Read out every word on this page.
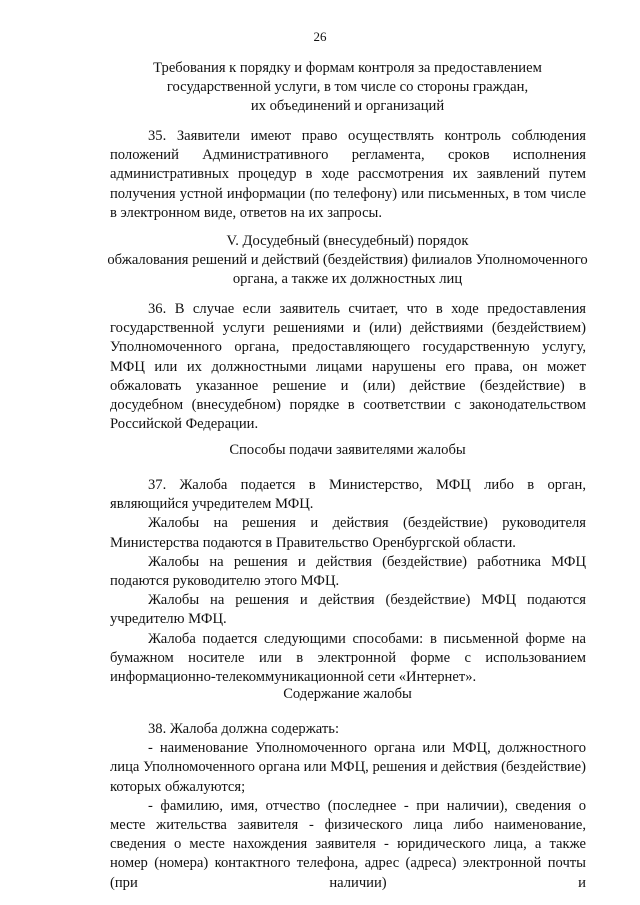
26
Требования к порядку и формам контроля за предоставлением
государственной услуги, в том числе со стороны граждан,
их объединений и организаций

35. Заявители имеют право осуществлять контроль соблюдения положений Административного регламента, сроков исполнения административных процедур в ходе рассмотрения их заявлений путем получения устной информации (по телефону) или письменных, в том числе в электронном виде, ответов на их запросы.

V. Досудебный (внесудебный) порядок
обжалования решений и действий (бездействия) филиалов Уполномоченного
органа, а также их должностных лиц

36. В случае если заявитель считает, что в ходе предоставления государственной услуги решениями и (или) действиями (бездействием) Уполномоченного органа, предоставляющего государственную услугу, МФЦ или их должностными лицами нарушены его права, он может обжаловать указанное решение и (или) действие (бездействие) в досудебном (внесудебном) порядке в соответствии с законодательством Российской Федерации.

Способы подачи заявителями жалобы

37. Жалоба подается в Министерство, МФЦ либо в орган, являющийся учредителем МФЦ.

Жалобы на решения и действия (бездействие) руководителя Министерства подаются в Правительство Оренбургской области.

Жалобы на решения и действия (бездействие) работника МФЦ подаются руководителю этого МФЦ.

Жалобы на решения и действия (бездействие) МФЦ подаются учредителю МФЦ.

Жалоба подается следующими способами: в письменной форме на бумажном носителе или в электронной форме с использованием информационно-телекоммуникационной сети «Интернет».

Содержание жалобы

38. Жалоба должна содержать:

- наименование Уполномоченного органа или МФЦ, должностного лица Уполномоченного органа или МФЦ, решения и действия (бездействие) которых обжалуются;

- фамилию, имя, отчество (последнее - при наличии), сведения о месте жительства заявителя - физического лица либо наименование, сведения о месте нахождения заявителя - юридического лица, а также номер (номера) контактного телефона, адрес (адреса) электронной почты (при наличии) и
